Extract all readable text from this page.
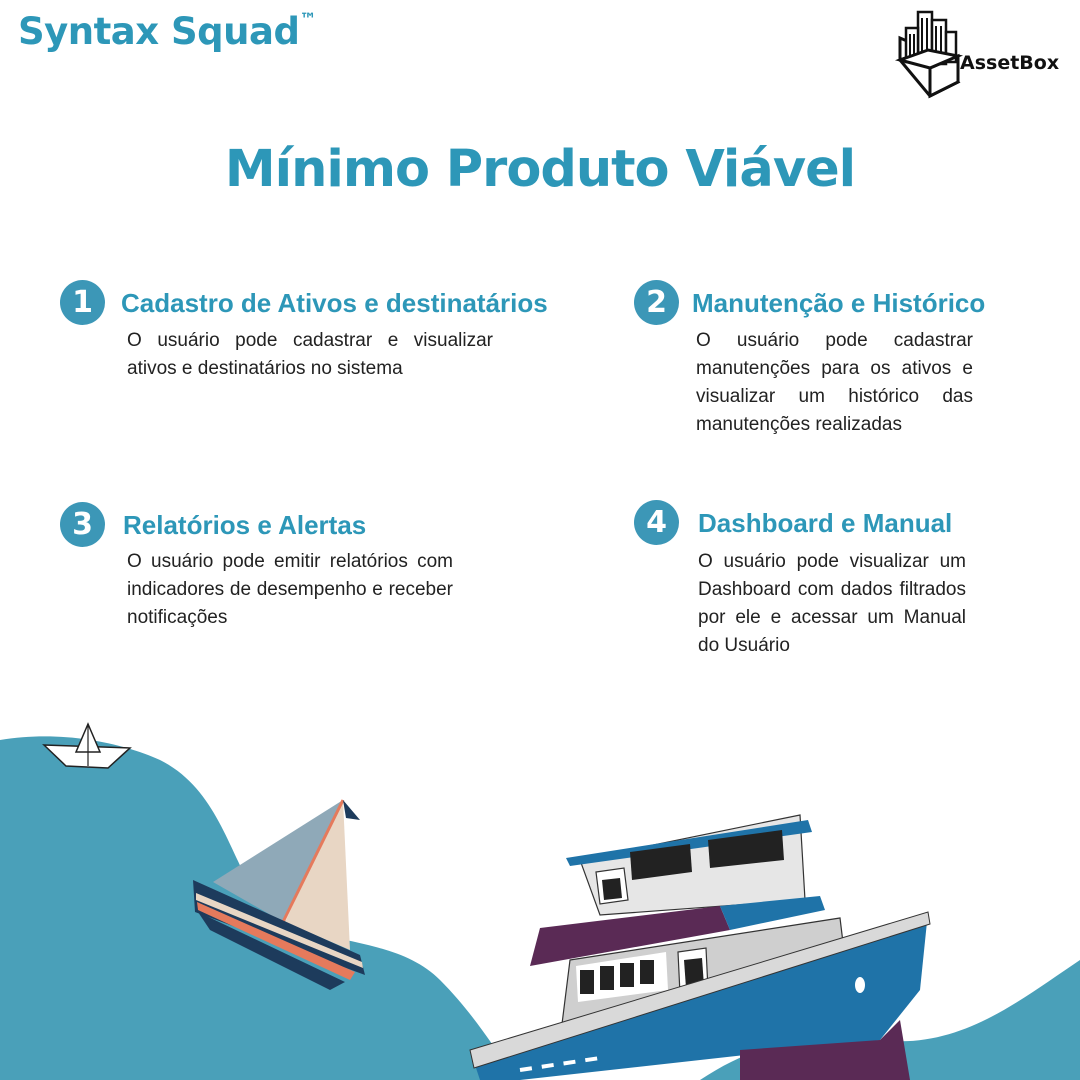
Syntax Squad™
AssetBox
Mínimo Produto Viável
1	Cadastro de Ativos e destinatários

O usuário pode cadastrar e visualizar ativos e destinatários no sistema

2 Manutenção e Histórico

O usuário pode cadastrar manutenções para os ativos e visualizar um histórico das manutenções realizadas

3	Relatórios e Alertas

O usuário pode emitir relatórios com indicadores de desempenho e receber notificações

4	Dashboard e Manual

O usuário pode visualizar um Dashboard com dados filtrados por ele e acessar um Manual do Usuário
